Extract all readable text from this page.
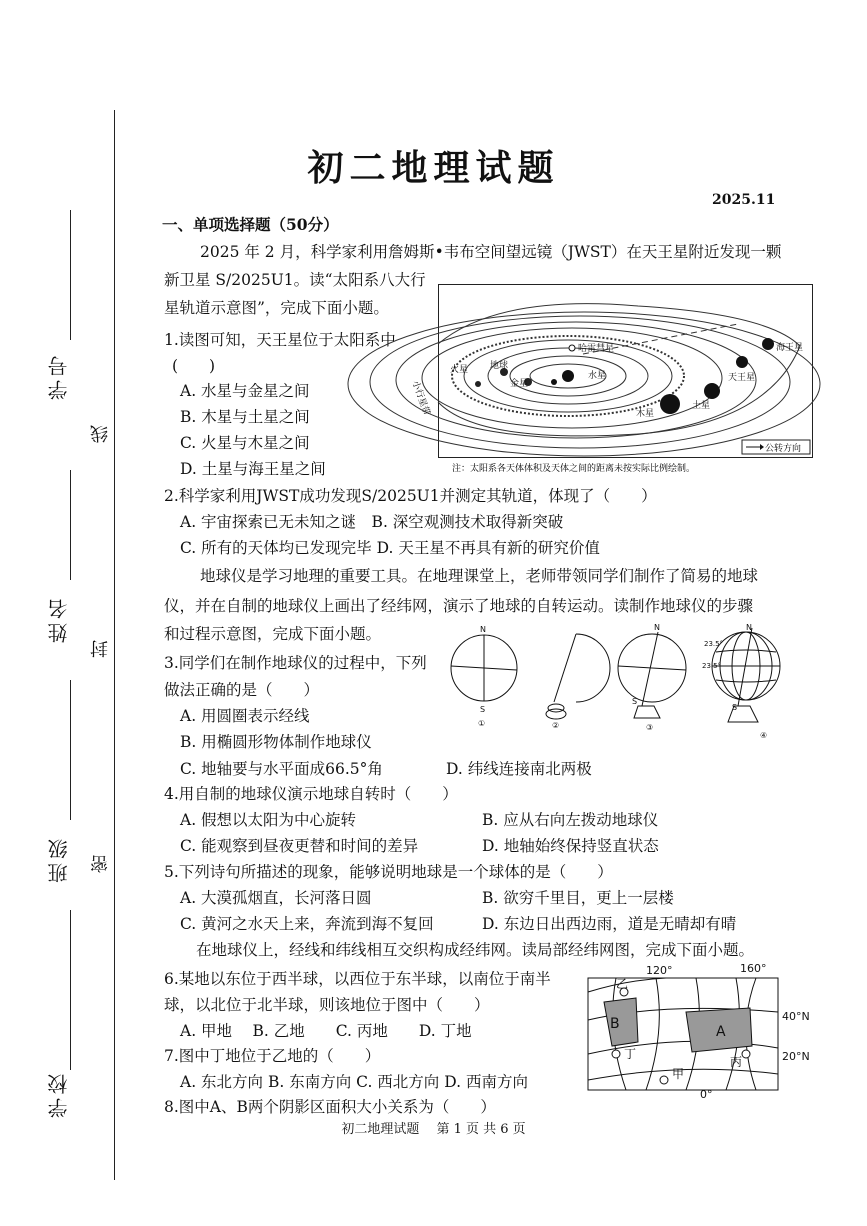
学号
线
姓名
封
班级 密
学校
初二地理试题
2025.11
一、单项选择题（50分）
2025 年 2 月，科学家利用詹姆斯•韦布空间望远镜（JWST）在天王星附近发现一颗
新卫星 S/2025U1。读“太阳系八大行
星轨道示意图”，完成下面小题。
1.读图可知，天王星位于太阳系中
(　　)
A. 水星与金星之间
B. 木星与土星之间
C. 火星与木星之间
D. 土星与海王星之间
水星
金星
地球
火星
木星
土星
天王星
海王星
哈雷彗星
小行星带
公转方向
注：太阳系各天体体积及天体之间的距离未按实际比例绘制。
2.科学家利用JWST成功发现S/2025U1并测定其轨道，体现了（　　）
A. 宇宙探索已无未知之谜　B. 深空观测技术取得新突破
C. 所有的天体均已发现完毕 D. 天王星不再具有新的研究价值
地球仪是学习地理的重要工具。在地理课堂上，老师带领同学们制作了简易的地球
仪，并在自制的地球仪上画出了经纬网，演示了地球的自转运动。读制作地球仪的步骤
和过程示意图，完成下面小题。
3.同学们在制作地球仪的过程中，下列
做法正确的是（　　）
A. 用圆圈表示经线
B. 用椭圆形物体制作地球仪
C. 地轴要与水平面成66.5°角	D. 纬线连接南北两极
N
S
N
S
N
S
23.5°
23.5°
①	②	③
④
4.用自制的地球仪演示地球自转时（　　）
A. 假想以太阳为中心旋转	B. 应从右向左拨动地球仪
C. 能观察到昼夜更替和时间的差异	D. 地轴始终保持竖直状态
5.下列诗句所描述的现象，能够说明地球是一个球体的是（　　）
A. 大漠孤烟直，长河落日圆	B. 欲穷千里目，更上一层楼
C. 黄河之水天上来，奔流到海不复回	D. 东边日出西边雨，道是无晴却有晴
在地球仪上，经线和纬线相互交织构成经纬网。读局部经纬网图，完成下面小题。
6.某地以东位于西半球，以西位于东半球，以南位于南半
球，以北位于北半球，则该地位于图中（　　）
A. 甲地　 B. 乙地　　C. 丙地　　D. 丁地
7.图中丁地位于乙地的（　　）
A. 东北方向 B. 东南方向 C. 西北方向 D. 西南方向
8.图中A、B两个阴影区面积大小关系为（　　）
120°	160°
40°N
20°N
0°
乙
丁
甲
丙
B	A
初二地理试题　 第 1 页 共 6 页
